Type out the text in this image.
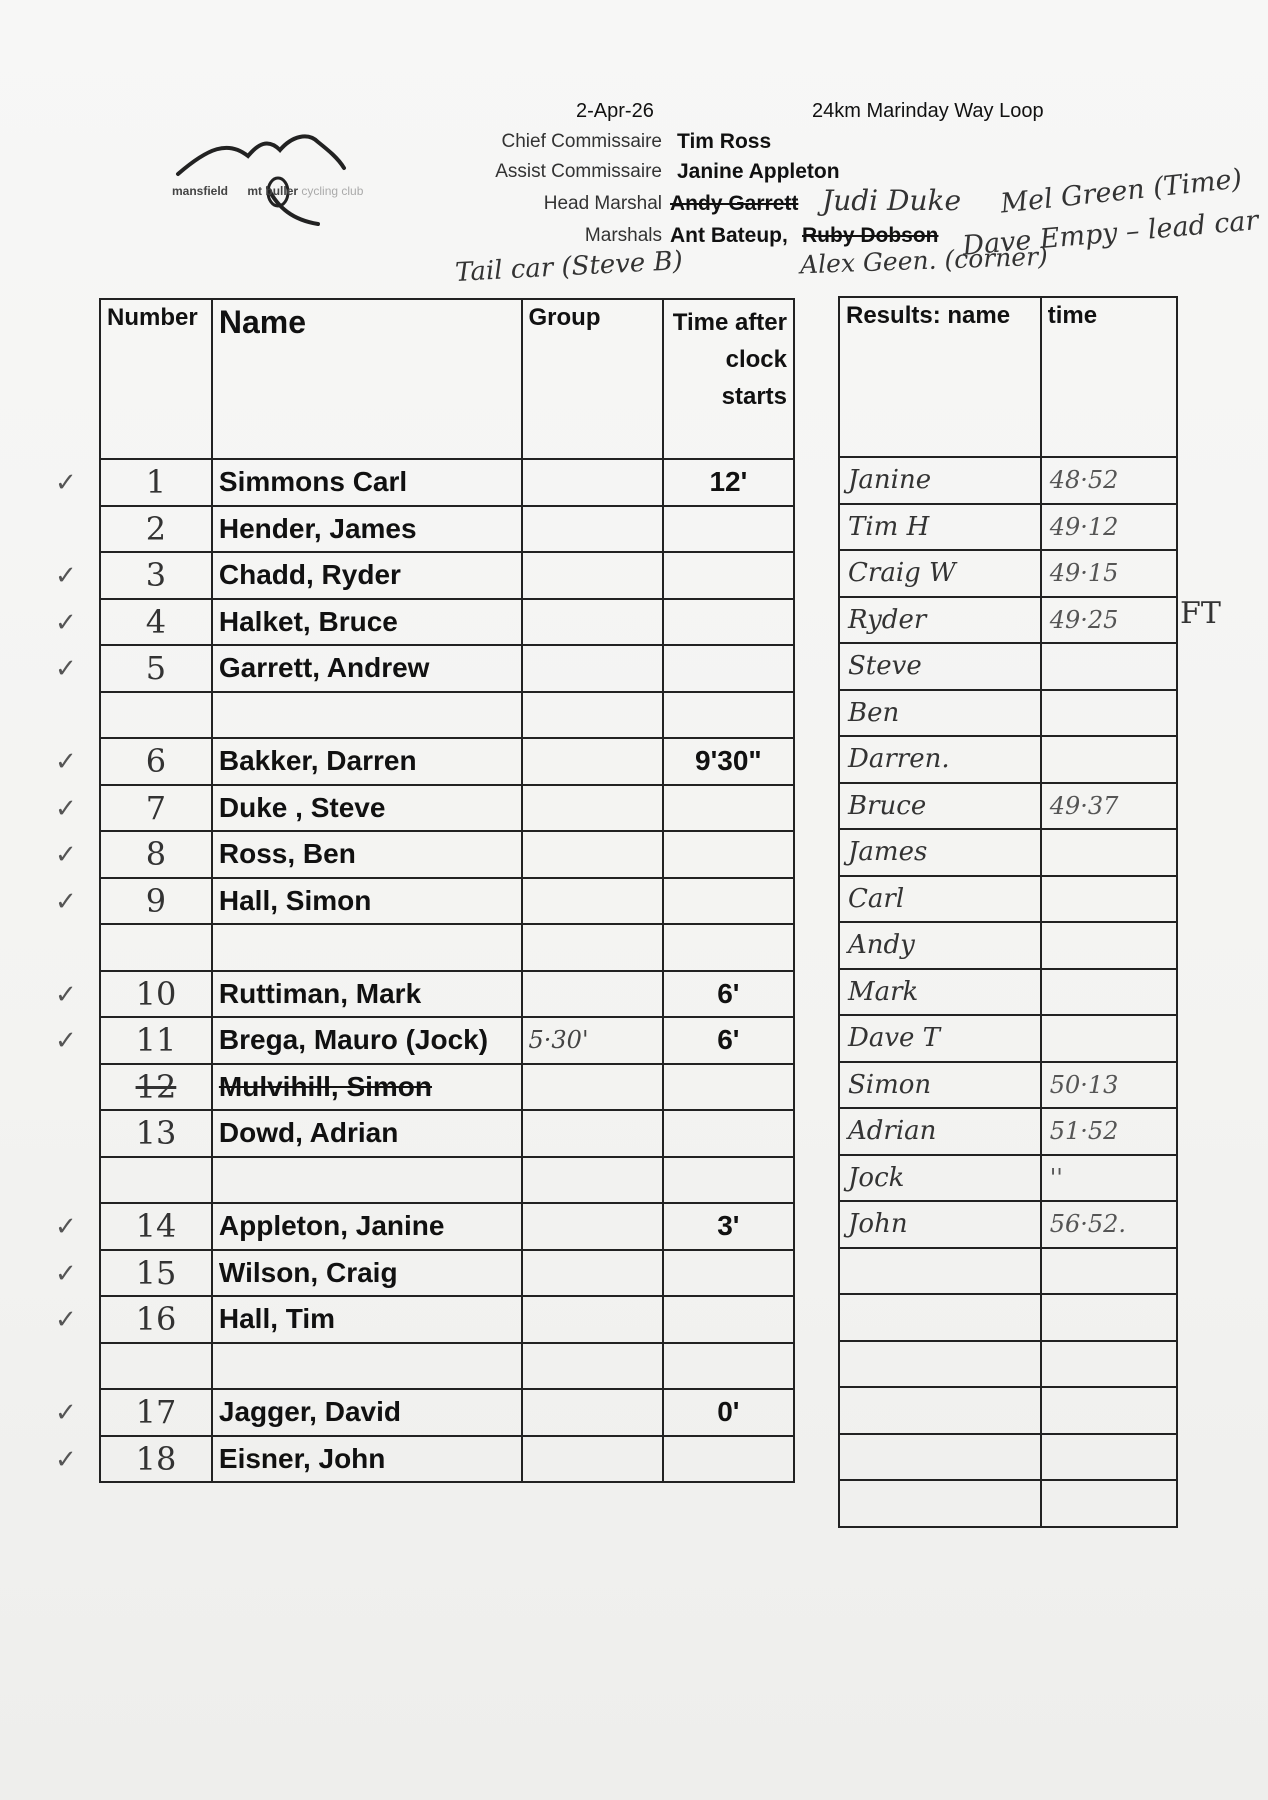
mansfield mt buller cycling club
2-Apr-26	24km Marinday Way Loop
Chief Commissaire Tim Ross
Assist Commissaire Janine Appleton
Head Marshal Andy Garrett Judi Duke
Marshals Ant Bateup, Ruby Dobson
Mel Green (Time)
Dave Empy – lead car
Alex Geen. (corner)
Tail car (Steve B)
Number	Name	Group	Time after
clock
starts

1	Simmons Carl		12'
2	Hender, James		
3	Chadd, Ryder		
4	Halket, Bruce		
5	Garrett, Andrew		

6	Bakker, Darren		9'30"
7	Duke , Steve		
8	Ross, Ben		
9	Hall, Simon		

10	Ruttiman, Mark		6'
11	Brega, Mauro (Jock)	5·30'	6'
12	Mulvihill, Simon		
13	Dowd, Adrian		

14	Appleton, Janine		3'
15	Wilson, Craig		
16	Hall, Tim		

17	Jagger, David		0'
18	Eisner, John		
Results: name	time
Janine	48·52
Tim H	49·12
Craig W	49·15
Ryder	49·25
Steve	
Ben	
Darren.	
Bruce	49·37
James	
Carl	
Andy	
Mark	
Dave T	
Simon	50·13
Adrian	51·52
Jock	''
John	56·52.

FT
✓
✓
✓
✓
✓
✓
✓
✓
✓
✓
✓
✓
✓
✓
✓
